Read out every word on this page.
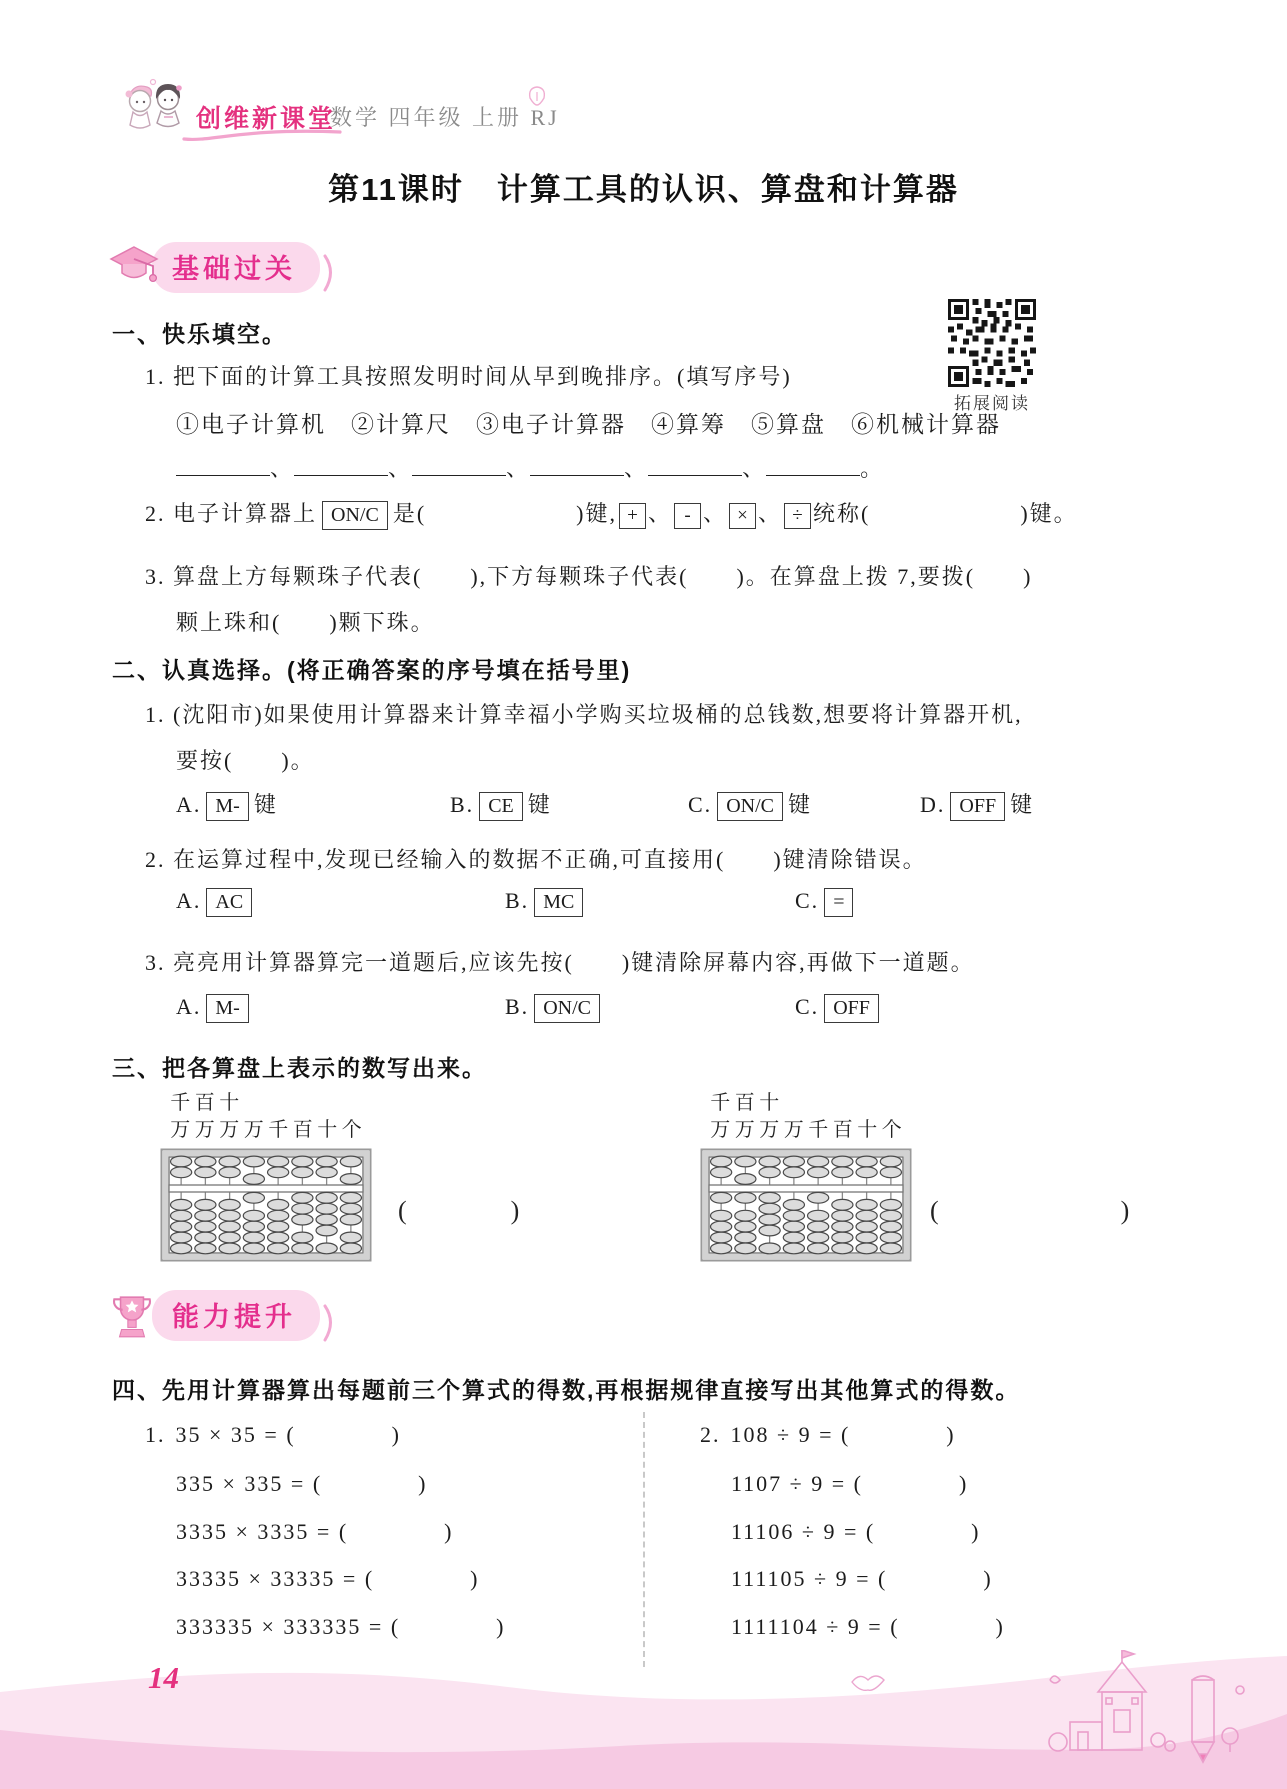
创维新课堂
数学 四年级 上册 RJ
第11课时　计算工具的认识、算盘和计算器
基础过关
拓展阅读
一、快乐填空。
1. 把下面的计算工具按照发明时间从早到晚排序。(填写序号)
①电子计算机　②计算尺　③电子计算器　④算筹　⑤算盘　⑥机械计算器
、	、	、	、	、	。
2. 电子计算器上 ON/C 是(	)键, + 、 - 、 × 、 ÷ 统称(	)键。
3. 算盘上方每颗珠子代表(　　),下方每颗珠子代表(　　)。在算盘上拨 7,要拨(　　)
颗上珠和(　　)颗下珠。
二、认真选择。(将正确答案的序号填在括号里)
1. (沈阳市)如果使用计算器来计算幸福小学购买垃圾桶的总钱数,想要将计算器开机,
要按(　　)。
A. M- 键	B. CE 键	C. ON/C 键	D. OFF 键
2. 在运算过程中,发现已经输入的数据不正确,可直接用(　　)键清除错误。
A. AC	B. MC	C. =
3. 亮亮用计算器算完一道题后,应该先按(　　)键清除屏幕内容,再做下一道题。
A. M-	B. ON/C	C. OFF
三、把各算盘上表示的数写出来。
千 百 十
万 万 万 万 千 百 十 个
(　　　　)
千 百 十
万 万 万 万 千 百 十 个
(　　　　　　　)
能力提升
四、先用计算器算出每题前三个算式的得数,再根据规律直接写出其他算式的得数。
1. 35 × 35 = (　　　　)
335 × 335 = (　　　　)
3335 × 3335 = (　　　　)
33335 × 33335 = (　　　　)
333335 × 333335 = (　　　　)
2. 108 ÷ 9 = (　　　　)
1107 ÷ 9 = (　　　　)
11106 ÷ 9 = (　　　　)
111105 ÷ 9 = (　　　　)
1111104 ÷ 9 = (　　　　)
14
